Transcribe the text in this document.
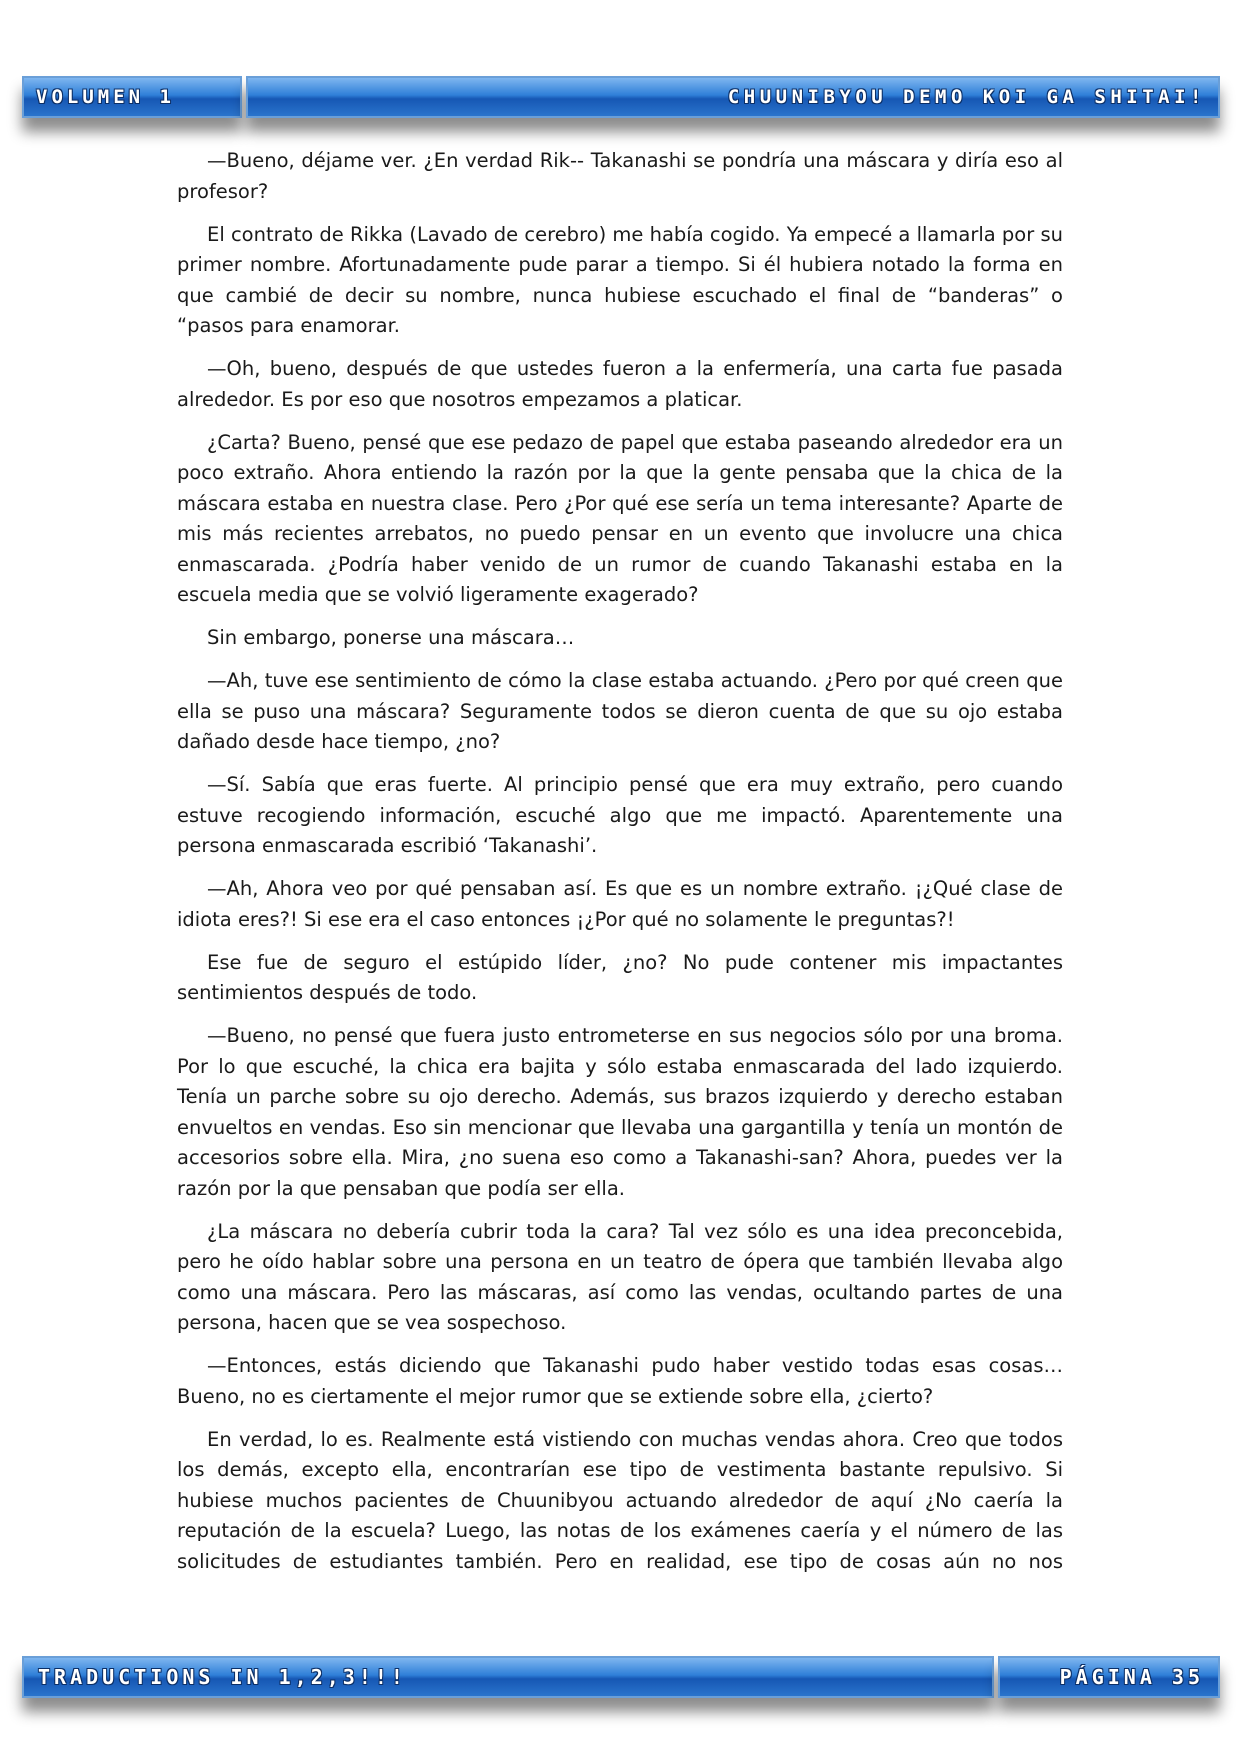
VOLUMEN 1	CHUUNIBYOU DEMO KOI GA SHITAI!

—Bueno, déjame ver. ¿En verdad Rik-- Takanashi se pondría una máscara y diría eso al profesor?

El contrato de Rikka (Lavado de cerebro) me había cogido. Ya empecé a llamarla por su primer nombre. Afortunadamente pude parar a tiempo. Si él hubiera notado la forma en que cambié de decir su nombre, nunca hubiese escuchado el final de “banderas” o “pasos para enamorar.

—Oh, bueno, después de que ustedes fueron a la enfermería, una carta fue pasada alrededor. Es por eso que nosotros empezamos a platicar.

¿Carta? Bueno, pensé que ese pedazo de papel que estaba paseando alrededor era un poco extraño. Ahora entiendo la razón por la que la gente pensaba que la chica de la máscara estaba en nuestra clase. Pero ¿Por qué ese sería un tema interesante? Aparte de mis más recientes arrebatos, no puedo pensar en un evento que involucre una chica enmascarada. ¿Podría haber venido de un rumor de cuando Takanashi estaba en la escuela media que se volvió ligeramente exagerado?

Sin embargo, ponerse una máscara…

—Ah, tuve ese sentimiento de cómo la clase estaba actuando. ¿Pero por qué creen que ella se puso una máscara? Seguramente todos se dieron cuenta de que su ojo estaba dañado desde hace tiempo, ¿no?

—Sí. Sabía que eras fuerte. Al principio pensé que era muy extraño, pero cuando estuve recogiendo información, escuché algo que me impactó. Aparentemente una persona enmascarada escribió ‘Takanashi’.

—Ah, Ahora veo por qué pensaban así. Es que es un nombre extraño. ¡¿Qué clase de idiota eres?! Si ese era el caso entonces ¡¿Por qué no solamente le preguntas?!

Ese fue de seguro el estúpido líder, ¿no? No pude contener mis impactantes sentimientos después de todo.

—Bueno, no pensé que fuera justo entrometerse en sus negocios sólo por una broma. Por lo que escuché, la chica era bajita y sólo estaba enmascarada del lado izquierdo. Tenía un parche sobre su ojo derecho. Además, sus brazos izquierdo y derecho estaban envueltos en vendas. Eso sin mencionar que llevaba una gargantilla y tenía un montón de accesorios sobre ella. Mira, ¿no suena eso como a Takanashi-san? Ahora, puedes ver la razón por la que pensaban que podía ser ella.

¿La máscara no debería cubrir toda la cara? Tal vez sólo es una idea preconcebida, pero he oído hablar sobre una persona en un teatro de ópera que también llevaba algo como una máscara. Pero las máscaras, así como las vendas, ocultando partes de una persona, hacen que se vea sospechoso.

—Entonces, estás diciendo que Takanashi pudo haber vestido todas esas cosas… Bueno, no es ciertamente el mejor rumor que se extiende sobre ella, ¿cierto?

En verdad, lo es. Realmente está vistiendo con muchas vendas ahora. Creo que todos los demás, excepto ella, encontrarían ese tipo de vestimenta bastante repulsivo. Si hubiese muchos pacientes de Chuunibyou actuando alrededor de aquí ¿No caería la reputación de la escuela? Luego, las notas de los exámenes caería y el número de las solicitudes de estudiantes también. Pero en realidad, ese tipo de cosas aún no nos

TRADUCTIONS IN 1,2,3!!!	PÁGINA 35
